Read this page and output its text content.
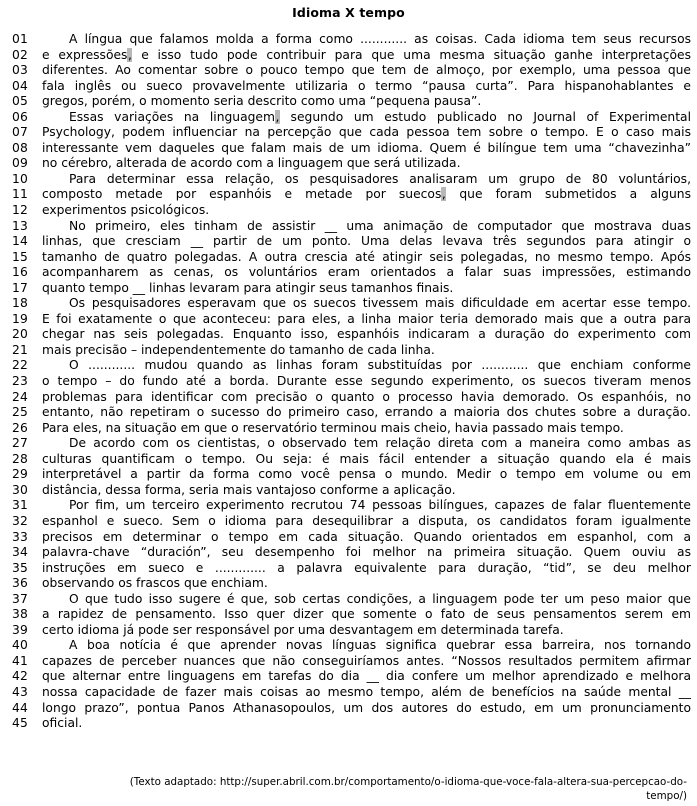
Idioma X tempo
01	A língua que falamos molda a forma como ............ as coisas. Cada idioma tem seus recursos
02	e expressões, e isso tudo pode contribuir para que uma mesma situação ganhe interpretações
03	diferentes. Ao comentar sobre o pouco tempo que tem de almoço, por exemplo, uma pessoa que
04	fala inglês ou sueco provavelmente utilizaria o termo “pausa curta”. Para hispanohablantes e
05	gregos, porém, o momento seria descrito como uma “pequena pausa”.
06	Essas variações na linguagem, segundo um estudo publicado no Journal of Experimental
07	Psychology, podem influenciar na percepção que cada pessoa tem sobre o tempo. E o caso mais
08	interessante vem daqueles que falam mais de um idioma. Quem é bilíngue tem uma “chavezinha”
09	no cérebro, alterada de acordo com a linguagem que será utilizada.
10	Para determinar essa relação, os pesquisadores analisaram um grupo de 80 voluntários,
11	composto metade por espanhóis e metade por suecos, que foram submetidos a alguns
12	experimentos psicológicos.
13	No primeiro, eles tinham de assistir __ uma animação de computador que mostrava duas
14	linhas, que cresciam __ partir de um ponto. Uma delas levava três segundos para atingir o
15	tamanho de quatro polegadas. A outra crescia até atingir seis polegadas, no mesmo tempo. Após
16	acompanharem as cenas, os voluntários eram orientados a falar suas impressões, estimando
17	quanto tempo __ linhas levaram para atingir seus tamanhos finais.
18	Os pesquisadores esperavam que os suecos tivessem mais dificuldade em acertar esse tempo.
19	E foi exatamente o que aconteceu: para eles, a linha maior teria demorado mais que a outra para
20	chegar nas seis polegadas. Enquanto isso, espanhóis indicaram a duração do experimento com
21	mais precisão – independentemente do tamanho de cada linha.
22	O ............ mudou quando as linhas foram substituídas por ............ que enchiam conforme
23	o tempo – do fundo até a borda. Durante esse segundo experimento, os suecos tiveram menos
24	problemas para identificar com precisão o quanto o processo havia demorado. Os espanhóis, no
25	entanto, não repetiram o sucesso do primeiro caso, errando a maioria dos chutes sobre a duração.
26	Para eles, na situação em que o reservatório terminou mais cheio, havia passado mais tempo.
27	De acordo com os cientistas, o observado tem relação direta com a maneira como ambas as
28	culturas quantificam o tempo. Ou seja: é mais fácil entender a situação quando ela é mais
29	interpretável a partir da forma como você pensa o mundo. Medir o tempo em volume ou em
30	distância, dessa forma, seria mais vantajoso conforme a aplicação.
31	Por fim, um terceiro experimento recrutou 74 pessoas bilíngues, capazes de falar fluentemente
32	espanhol e sueco. Sem o idioma para desequilibrar a disputa, os candidatos foram igualmente
33	precisos em determinar o tempo em cada situação. Quando orientados em espanhol, com a
34	palavra-chave “duración”, seu desempenho foi melhor na primeira situação. Quem ouviu as
35	instruções em sueco e ............. a palavra equivalente para duração, “tid”, se deu melhor
36	observando os frascos que enchiam.
37	O que tudo isso sugere é que, sob certas condições, a linguagem pode ter um peso maior que
38	a rapidez de pensamento. Isso quer dizer que somente o fato de seus pensamentos serem em
39	certo idioma já pode ser responsável por uma desvantagem em determinada tarefa.
40	A boa notícia é que aprender novas línguas significa quebrar essa barreira, nos tornando
41	capazes de perceber nuances que não conseguiríamos antes. “Nossos resultados permitem afirmar
42	que alternar entre linguagens em tarefas do dia __ dia confere um melhor aprendizado e melhora
43	nossa capacidade de fazer mais coisas ao mesmo tempo, além de benefícios na saúde mental __
44	longo prazo”, pontua Panos Athanasopoulos, um dos autores do estudo, em um pronunciamento
45	oficial.
(Texto adaptado: http://super.abril.com.br/comportamento/o-idioma-que-voce-fala-altera-sua-percepcao-do-tempo/)
